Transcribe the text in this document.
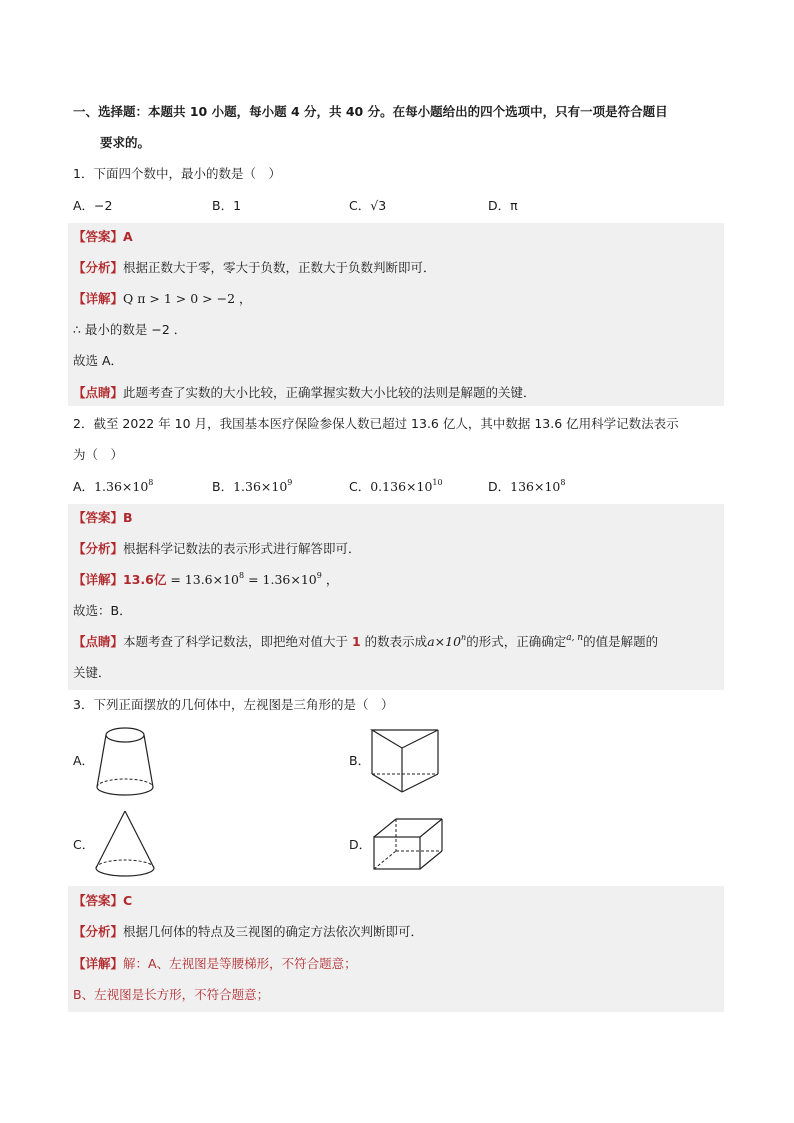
一、选择题：本题共 10 小题，每小题 4 分，共 40 分。在每小题给出的四个选项中，只有一项是符合题目
要求的。
1．下面四个数中，最小的数是（　）
A．−2	B．1	C．√3	D．π
【答案】A
【分析】根据正数大于零，零大于负数，正数大于负数判断即可．
【详解】Q π > 1 > 0 > −2 ，
∴ 最小的数是 −2 ．
故选 A．
【点睛】此题考查了实数的大小比较，正确掌握实数大小比较的法则是解题的关键．
2．截至 2022 年 10 月，我国基本医疗保险参保人数已超过 13.6 亿人，其中数据 13.6 亿用科学记数法表示
为（　）
A．$1.36\times 10^8$	B．$1.36\times 10^9$	C．$0.136\times 10^{10}$	D．$136\times 10^8$
【答案】B
【分析】根据科学记数法的表示形式进行解答即可．
【详解】13.6亿 = $13.6\times 10^8 = 1.36\times 10^9$ ，
故选：B．
【点睛】本题考查了科学记数法，即把绝对值大于 1 的数表示成$a\times 10^n$的形式，正确确定$^{a, n}$的值是解题的
关键．
3．下列正面摆放的几何体中，左视图是三角形的是（　）
A．	B．
C．	D．
【答案】C
【分析】根据几何体的特点及三视图的确定方法依次判断即可．
【详解】解：A、左视图是等腰梯形，不符合题意；
B、左视图是长方形，不符合题意；
